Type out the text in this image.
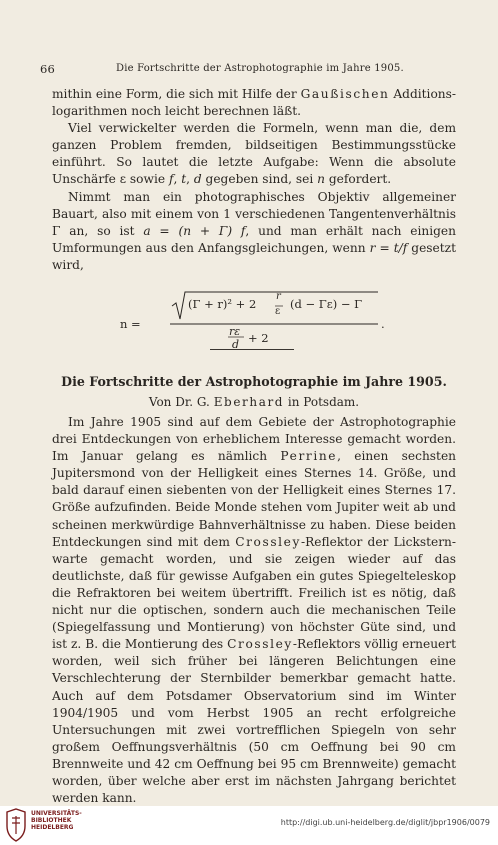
66	Die Fortschritte der Astrophotographie im Jahre 1905.

mithin eine Form, die sich mit Hilfe der Gaußischen Additions-
logarithmen noch leicht berechnen läßt.

Viel verwickelter werden die Formeln, wenn man die, dem ganzen Problem fremden, bildseitigen Bestimmungsstücke einführt. So lautet die letzte Aufgabe: Wenn die absolute Unschärfe ε sowie f, t, d gegeben sind, sei n gefordert.

Nimmt man ein photographisches Objektiv allgemeiner Bauart, also mit einem von 1 verschiedenen Tangentenverhältnis Γ an, so ist a = (n + Γ) f, und man erhält nach einigen Umformungen aus den Anfangsgleichungen, wenn r = t/f gesetzt wird,

n =
(Γ + r)² + 2
r
ε
(d − Γε) − Γ
rε
d + 2
.
Die Fortschritte der Astrophotographie im Jahre 1905.
Von Dr. G. Eberhard in Potsdam.

Im Jahre 1905 sind auf dem Gebiete der Astrophotographie drei Entdeckungen von erheblichem Interesse gemacht worden. Im Januar gelang es nämlich Perrine, einen sechsten Jupitersmond von der Helligkeit eines Sternes 14. Größe, und bald darauf einen siebenten von der Helligkeit eines Sternes 17. Größe aufzufinden. Beide Monde stehen vom Jupiter weit ab und scheinen merkwürdige Bahnverhältnisse zu haben. Diese beiden Entdeckungen sind mit dem Crossley-Reflektor der Lickstern-warte gemacht worden, und sie zeigen wieder auf das deutlichste, daß für gewisse Aufgaben ein gutes Spiegelteleskop die Refraktoren bei weitem übertrifft. Freilich ist es nötig, daß nicht nur die optischen, sondern auch die mechanischen Teile (Spiegelfassung und Montierung) von höchster Güte sind, und ist z. B. die Montierung des Crossley-Reflektors völlig erneuert worden, weil sich früher bei längeren Belichtungen eine Verschlechterung der Sternbilder bemerkbar gemacht hatte. Auch auf dem Potsdamer Observatorium sind im Winter 1904/1905 und vom Herbst 1905 an recht erfolgreiche Untersuchungen mit zwei vortrefflichen Spiegeln von sehr großem Oeffnungsverhältnis (50 cm Oeffnung bei 90 cm Brennweite und 42 cm Oeffnung bei 95 cm Brennweite) gemacht worden, über welche aber erst im nächsten Jahrgang berichtet werden kann.

UNIVERSITÄTS-
BIBLIOTHEK
HEIDELBERG
http://digi.ub.uni-heidelberg.de/diglit/jbpr1906/0079
